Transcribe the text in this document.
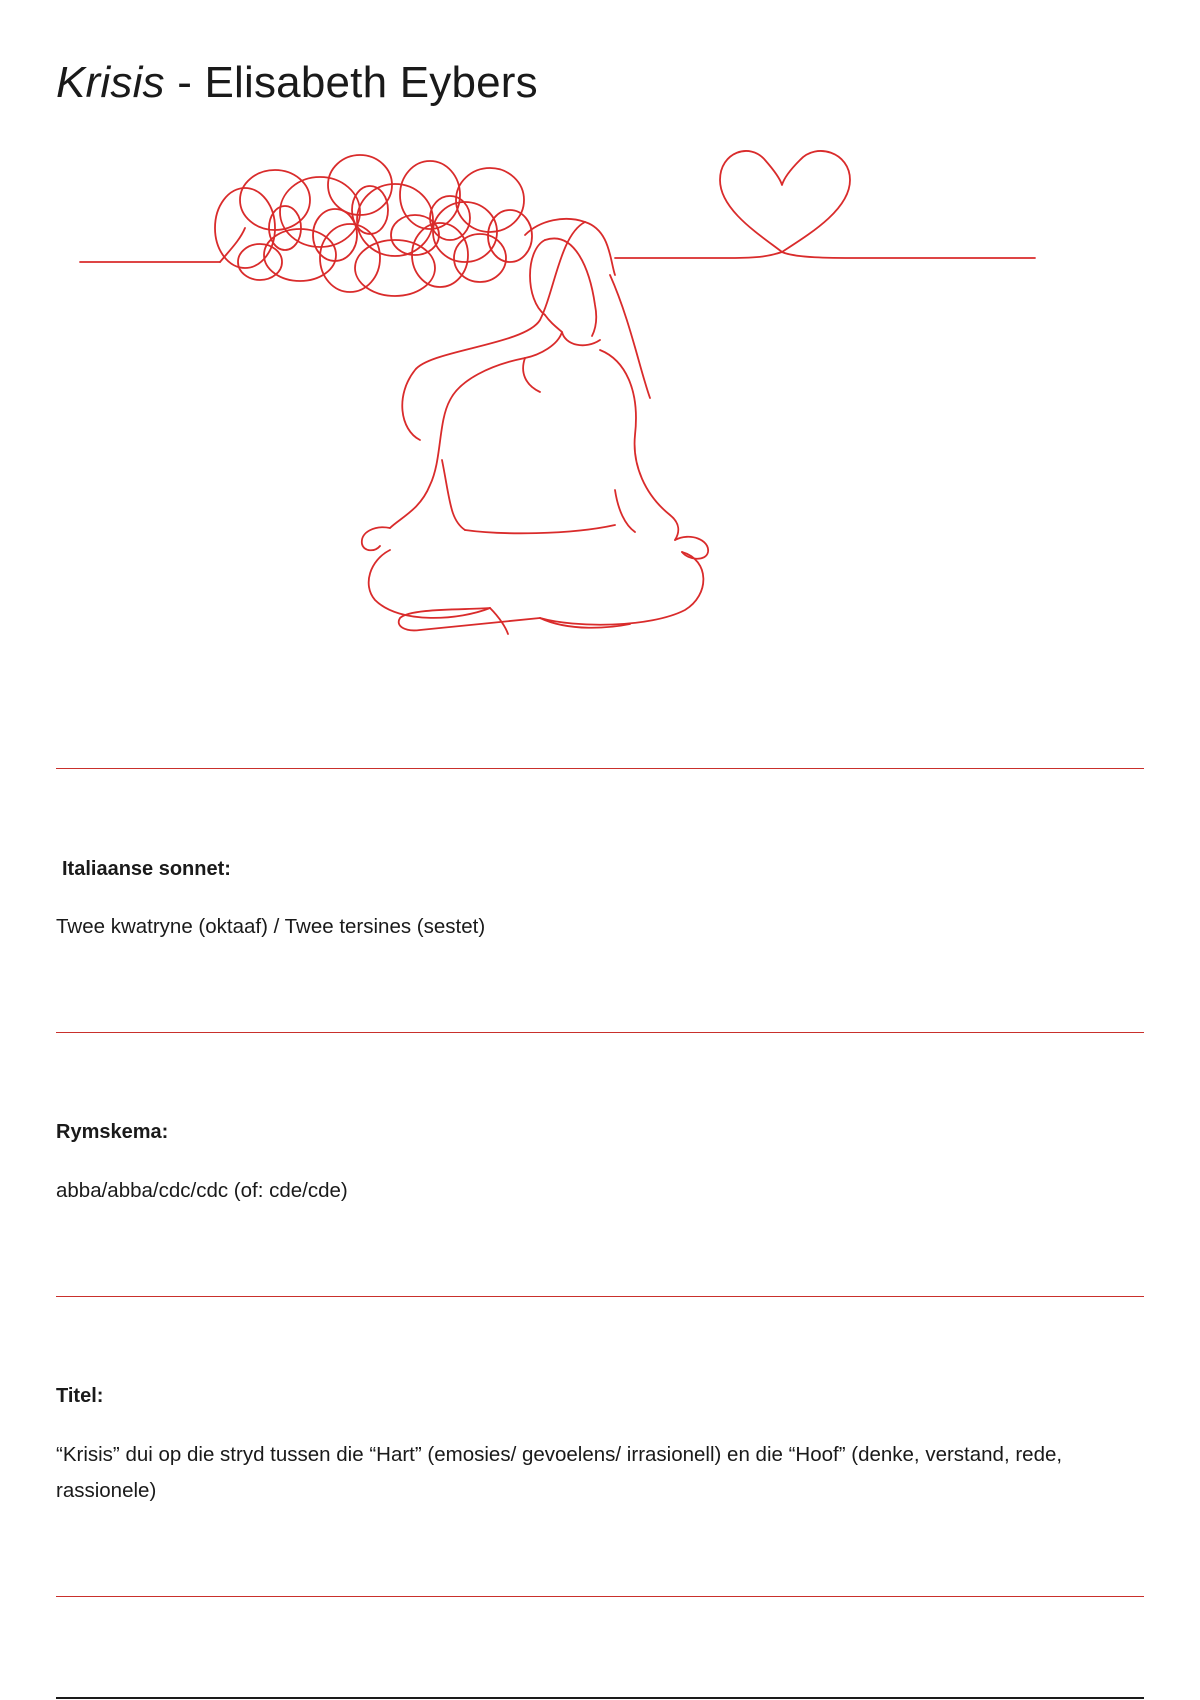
Krisis - Elisabeth Eybers
Italiaanse sonnet:

Twee kwatryne (oktaaf) / Twee tersines (sestet)

Rymskema:

abba/abba/cdc/cdc (of: cde/cde)

Titel:

“Krisis” dui op die stryd tussen die “Hart” (emosies/ gevoelens/ irrasionell) en die “Hoof” (denke, verstand, rede, rassionele)
